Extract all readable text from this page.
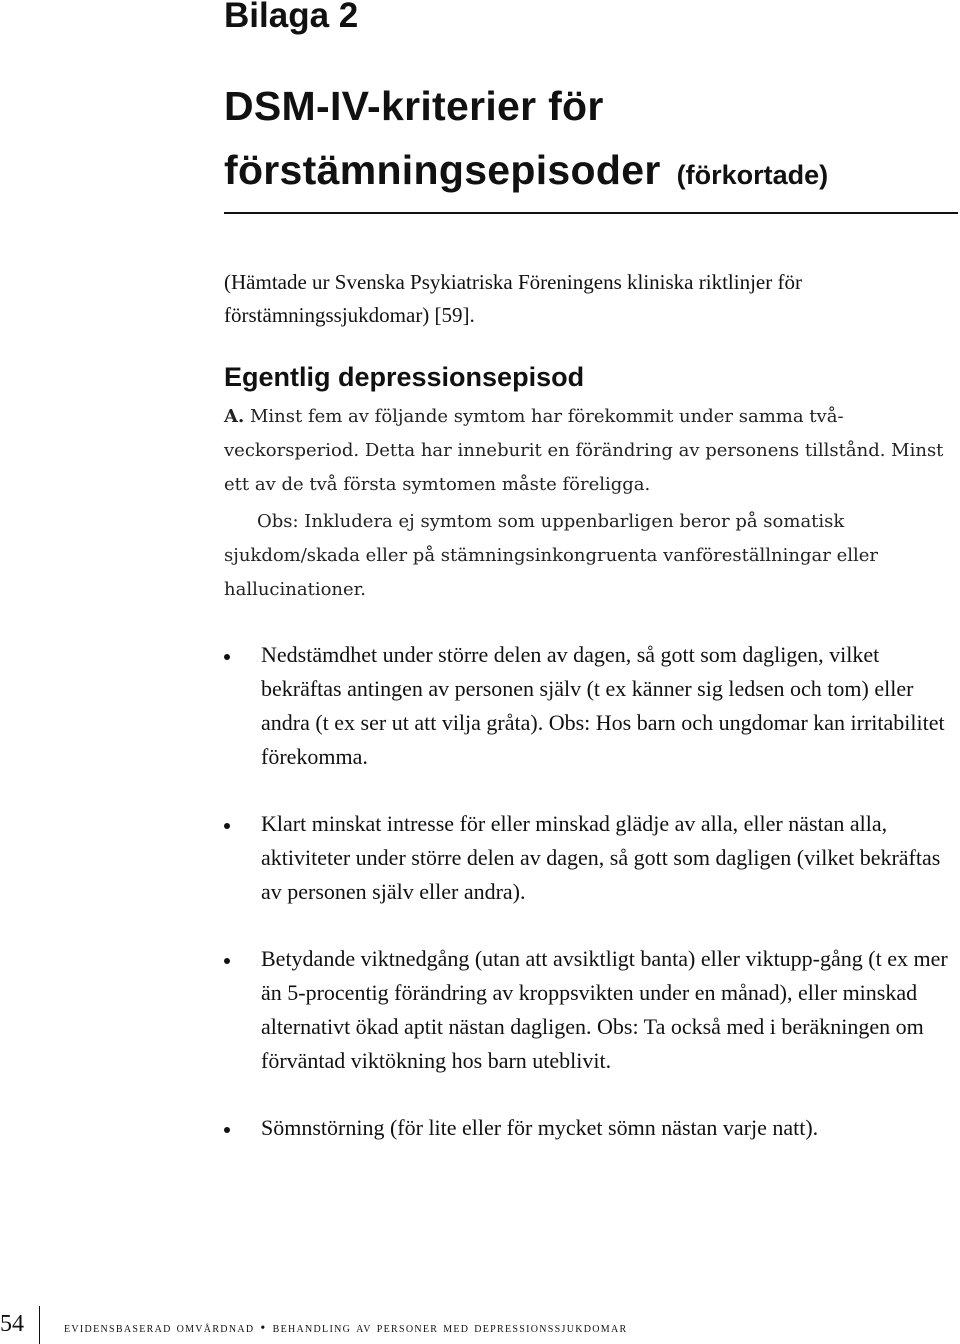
Bilaga 2
DSM-IV-kriterier för förstämningsepisoder (förkortade)

(Hämtade ur Svenska Psykiatriska Föreningens kliniska riktlinjer för förstämningssjukdomar) [59].

Egentlig depressionsepisod

A. Minst fem av följande symtom har förekommit under samma två-veckorsperiod. Detta har inneburit en förändring av personens tillstånd. Minst ett av de två första symtomen måste föreligga.

Obs: Inkludera ej symtom som uppenbarligen beror på somatisk sjukdom/skada eller på stämningsinkongruenta vanföreställningar eller hallucinationer.

Nedstämdhet under större delen av dagen, så gott som dagligen, vilket bekräftas antingen av personen själv (t ex känner sig ledsen och tom) eller andra (t ex ser ut att vilja gråta). Obs: Hos barn och ungdomar kan irritabilitet förekomma.
Klart minskat intresse för eller minskad glädje av alla, eller nästan alla, aktiviteter under större delen av dagen, så gott som dagligen (vilket bekräftas av personen själv eller andra).
Betydande viktnedgång (utan att avsiktligt banta) eller viktupp-gång (t ex mer än 5-procentig förändring av kroppsvikten under en månad), eller minskad alternativt ökad aptit nästan dagligen. Obs: Ta också med i beräkningen om förväntad viktökning hos barn uteblivit.
Sömnstörning (för lite eller för mycket sömn nästan varje natt).
54	evidensbaserad omvårdnad • behandling av personer med depressionssjukdomar
